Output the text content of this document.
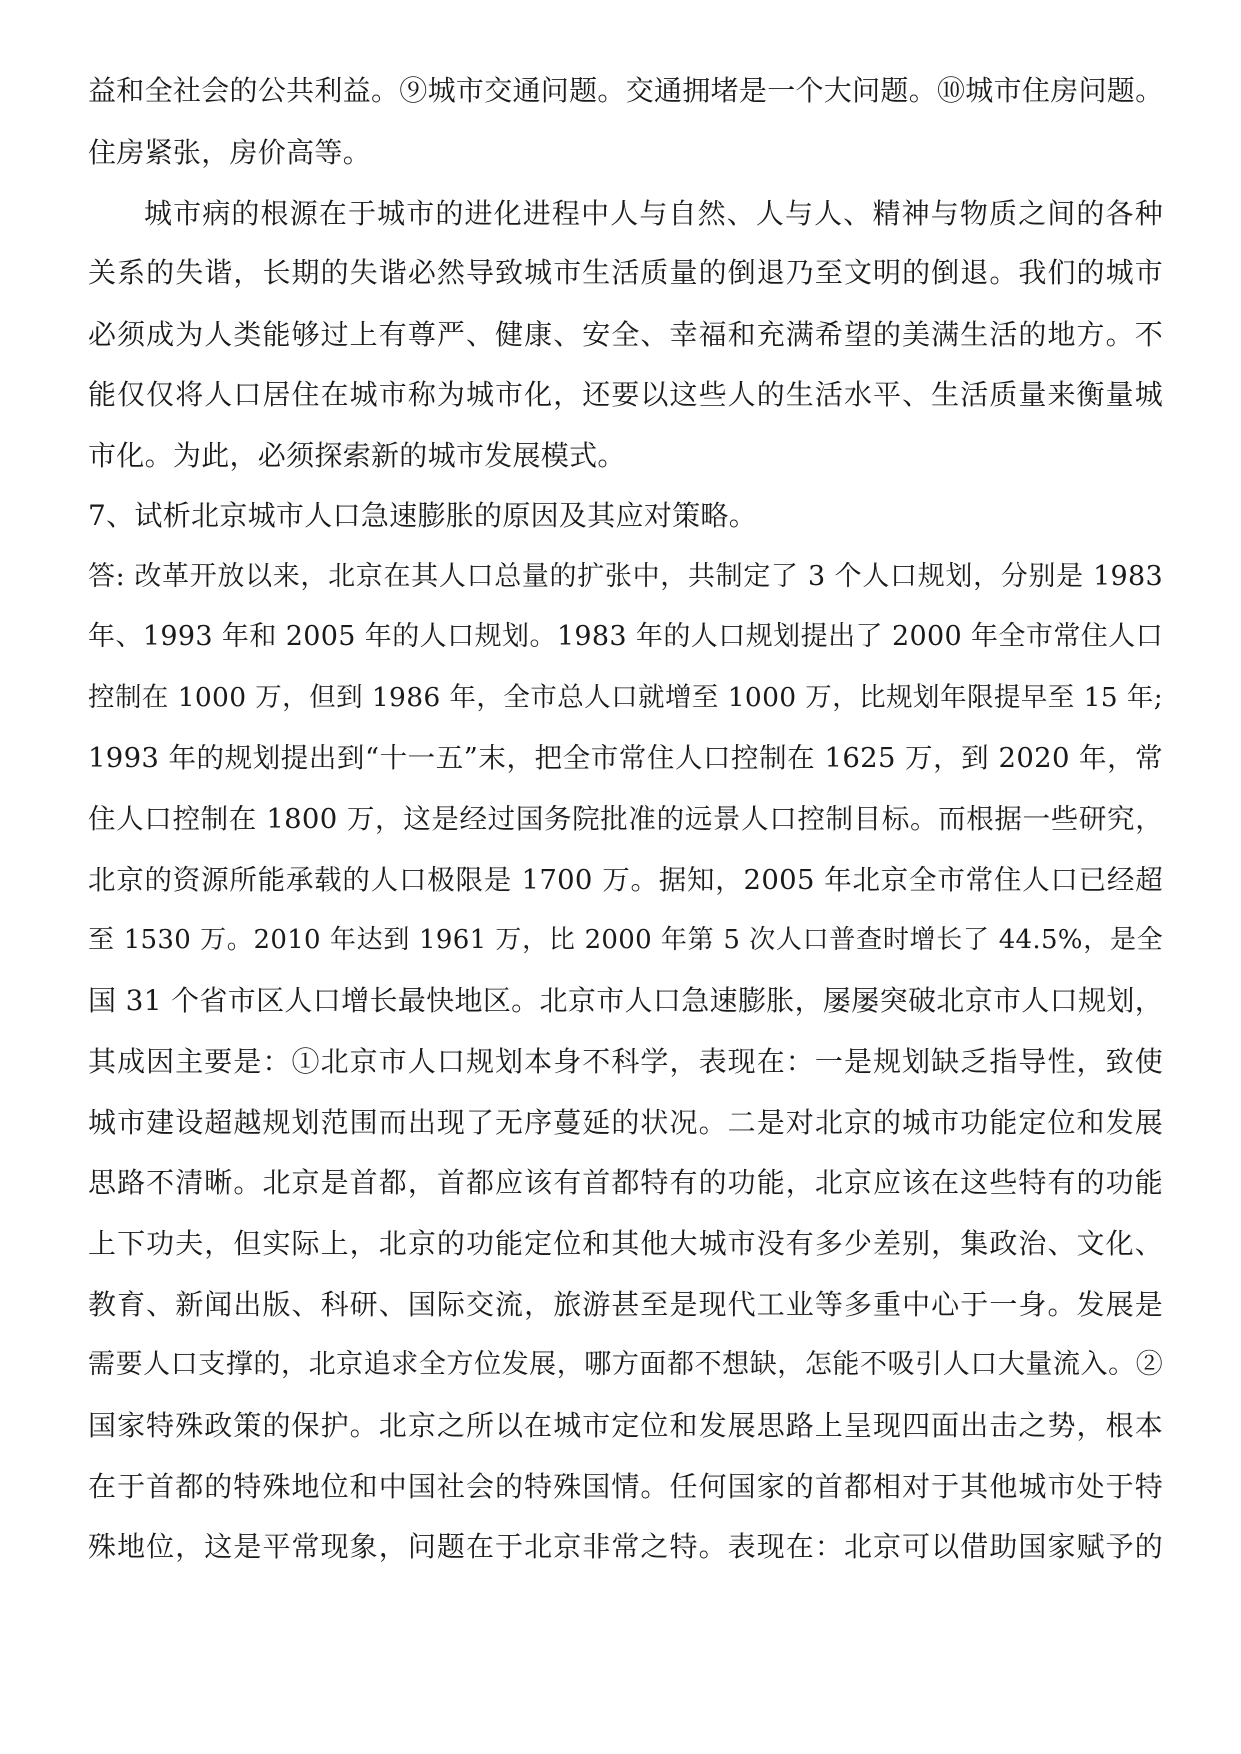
益和全社会的公共利益。⑨城市交通问题。交通拥堵是一个大问题。⑩城市住房问题。
住房紧张，房价高等。
城市病的根源在于城市的进化进程中人与自然、人与人、精神与物质之间的各种
关系的失谐，长期的失谐必然导致城市生活质量的倒退乃至文明的倒退。我们的城市
必须成为人类能够过上有尊严、健康、安全、幸福和充满希望的美满生活的地方。不
能仅仅将人口居住在城市称为城市化，还要以这些人的生活水平、生活质量来衡量城
市化。为此，必须探索新的城市发展模式。
7、试析北京城市人口急速膨胀的原因及其应对策略。
答: 改革开放以来，北京在其人口总量的扩张中，共制定了 3 个人口规划，分别是 1983
年、1993 年和 2005 年的人口规划。1983 年的人口规划提出了 2000 年全市常住人口
控制在 1000 万，但到 1986 年，全市总人口就增至 1000 万，比规划年限提早至 15 年;
1993 年的规划提出到“十一五”末，把全市常住人口控制在 1625 万，到 2020 年，常
住人口控制在 1800 万，这是经过国务院批准的远景人口控制目标。而根据一些研究，
北京的资源所能承载的人口极限是 1700 万。据知，2005 年北京全市常住人口已经超
至 1530 万。2010 年达到 1961 万，比 2000 年第 5 次人口普查时增长了 44.5%，是全
国 31 个省市区人口增长最快地区。北京市人口急速膨胀，屡屡突破北京市人口规划，
其成因主要是：①北京市人口规划本身不科学，表现在：一是规划缺乏指导性，致使
城市建设超越规划范围而出现了无序蔓延的状况。二是对北京的城市功能定位和发展
思路不清晰。北京是首都，首都应该有首都特有的功能，北京应该在这些特有的功能
上下功夫，但实际上，北京的功能定位和其他大城市没有多少差别，集政治、文化、
教育、新闻出版、科研、国际交流，旅游甚至是现代工业等多重中心于一身。发展是
需要人口支撑的，北京追求全方位发展，哪方面都不想缺，怎能不吸引人口大量流入。②
国家特殊政策的保护。北京之所以在城市定位和发展思路上呈现四面出击之势，根本
在于首都的特殊地位和中国社会的特殊国情。任何国家的首都相对于其他城市处于特
殊地位，这是平常现象，问题在于北京非常之特。表现在：北京可以借助国家赋予的
